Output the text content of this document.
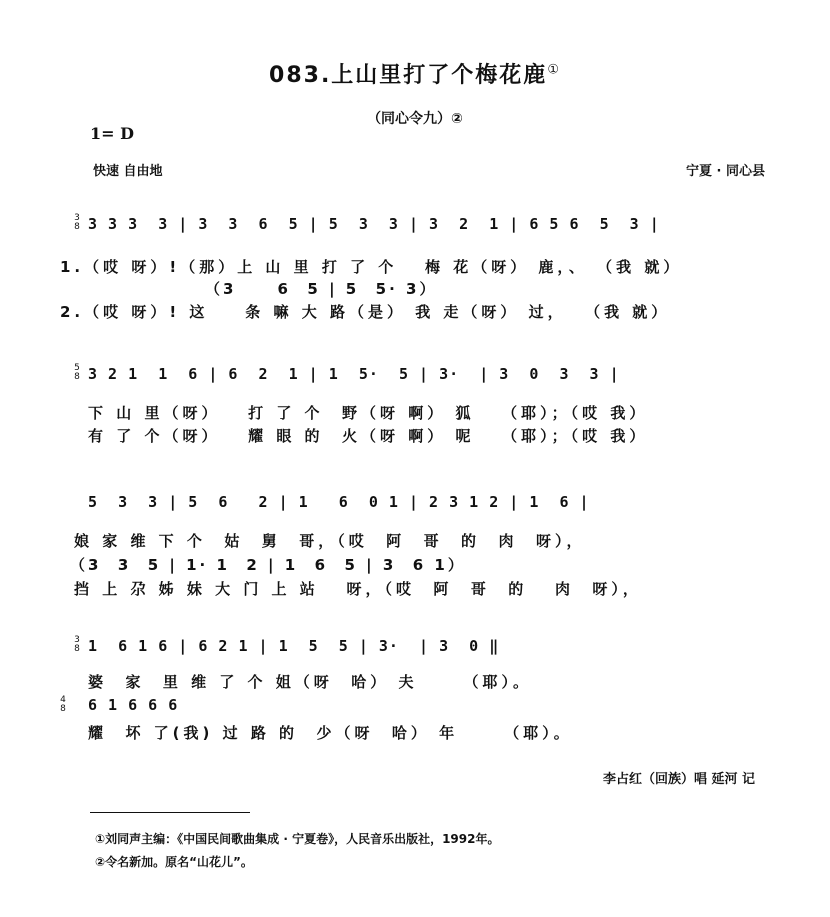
083.上山里打了个梅花鹿①
（同心令九）②
1= D
快速 自由地	宁夏 · 同心县
3
8 3 3 3  3 | 3  3  6  5 | 5  3  3 | 3  2  1 | 6 5 6  5  3 |
1.（哎 呀）!（那）上 山 里 打 了 个   梅 花（呀） 鹿，、 （我 就）
（3     6  5 | 5  5· 3）
2.（哎 呀）! 这    条 嘛 大 路（是） 我 走（呀） 过，  （我 就）
5
8 3 2 1  1  6 | 6  2  1 | 1  5·  5 | 3·  | 3  0  3  3 |
下 山 里（呀）   打 了 个  野（呀 啊） 狐   （耶）；（哎 我）
有 了 个（呀）   耀 眼 的  火（呀 啊） 呢   （耶）；（哎 我）
5  3  3 | 5  6   2 | 1   6  0 1 | 2 3 1 2 | 1  6 |
娘 家 维 下 个  姑  舅  哥，（哎  阿  哥  的  肉  呀），
（3  3  5 | 1· 1  2 | 1  6  5 | 3  6 1）
挡 上 尕 姊 妹 大 门 上 站   呀，（哎  阿  哥  的   肉  呀），
3
8 1  6 1 6 | 6 2 1 | 1  5  5 | 3·  | 3  0 ‖
婆  家  里 维 了 个 姐（呀  哈） 夫     （耶）。
4
8 6 1 6 6 6
耀  坏 了(我) 过 路 的  少（呀  哈） 年     （耶）。
李占红（回族）唱 延河 记
①刘同声主编：《中国民间歌曲集成 · 宁夏卷》，人民音乐出版社，1992年。
②令名新加。原名“山花儿”。
